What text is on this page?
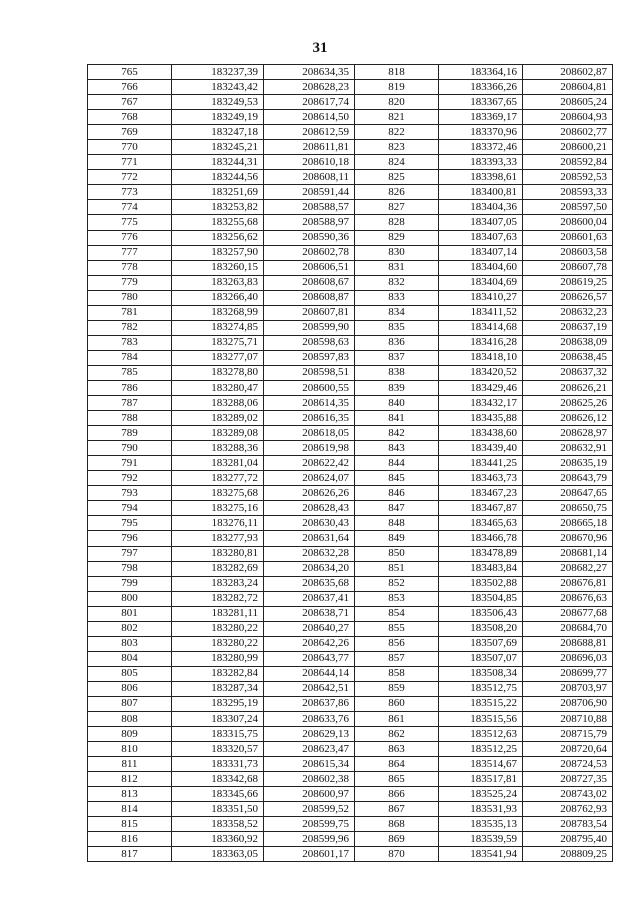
31
765	183237,39	208634,35	818	183364,16	208602,87
766	183243,42	208628,23	819	183366,26	208604,81
767	183249,53	208617,74	820	183367,65	208605,24
768	183249,19	208614,50	821	183369,17	208604,93
769	183247,18	208612,59	822	183370,96	208602,77
770	183245,21	208611,81	823	183372,46	208600,21
771	183244,31	208610,18	824	183393,33	208592,84
772	183244,56	208608,11	825	183398,61	208592,53
773	183251,69	208591,44	826	183400,81	208593,33
774	183253,82	208588,57	827	183404,36	208597,50
775	183255,68	208588,97	828	183407,05	208600,04
776	183256,62	208590,36	829	183407,63	208601,63
777	183257,90	208602,78	830	183407,14	208603,58
778	183260,15	208606,51	831	183404,60	208607,78
779	183263,83	208608,67	832	183404,69	208619,25
780	183266,40	208608,87	833	183410,27	208626,57
781	183268,99	208607,81	834	183411,52	208632,23
782	183274,85	208599,90	835	183414,68	208637,19
783	183275,71	208598,63	836	183416,28	208638,09
784	183277,07	208597,83	837	183418,10	208638,45
785	183278,80	208598,51	838	183420,52	208637,32
786	183280,47	208600,55	839	183429,46	208626,21
787	183288,06	208614,35	840	183432,17	208625,26
788	183289,02	208616,35	841	183435,88	208626,12
789	183289,08	208618,05	842	183438,60	208628,97
790	183288,36	208619,98	843	183439,40	208632,91
791	183281,04	208622,42	844	183441,25	208635,19
792	183277,72	208624,07	845	183463,73	208643,79
793	183275,68	208626,26	846	183467,23	208647,65
794	183275,16	208628,43	847	183467,87	208650,75
795	183276,11	208630,43	848	183465,63	208665,18
796	183277,93	208631,64	849	183466,78	208670,96
797	183280,81	208632,28	850	183478,89	208681,14
798	183282,69	208634,20	851	183483,84	208682,27
799	183283,24	208635,68	852	183502,88	208676,81
800	183282,72	208637,41	853	183504,85	208676,63
801	183281,11	208638,71	854	183506,43	208677,68
802	183280,22	208640,27	855	183508,20	208684,70
803	183280,22	208642,26	856	183507,69	208688,81
804	183280,99	208643,77	857	183507,07	208696,03
805	183282,84	208644,14	858	183508,34	208699,77
806	183287,34	208642,51	859	183512,75	208703,97
807	183295,19	208637,86	860	183515,22	208706,90
808	183307,24	208633,76	861	183515,56	208710,88
809	183315,75	208629,13	862	183512,63	208715,79
810	183320,57	208623,47	863	183512,25	208720,64
811	183331,73	208615,34	864	183514,67	208724,53
812	183342,68	208602,38	865	183517,81	208727,35
813	183345,66	208600,97	866	183525,24	208743,02
814	183351,50	208599,52	867	183531,93	208762,93
815	183358,52	208599,75	868	183535,13	208783,54
816	183360,92	208599,96	869	183539,59	208795,40
817	183363,05	208601,17	870	183541,94	208809,25
